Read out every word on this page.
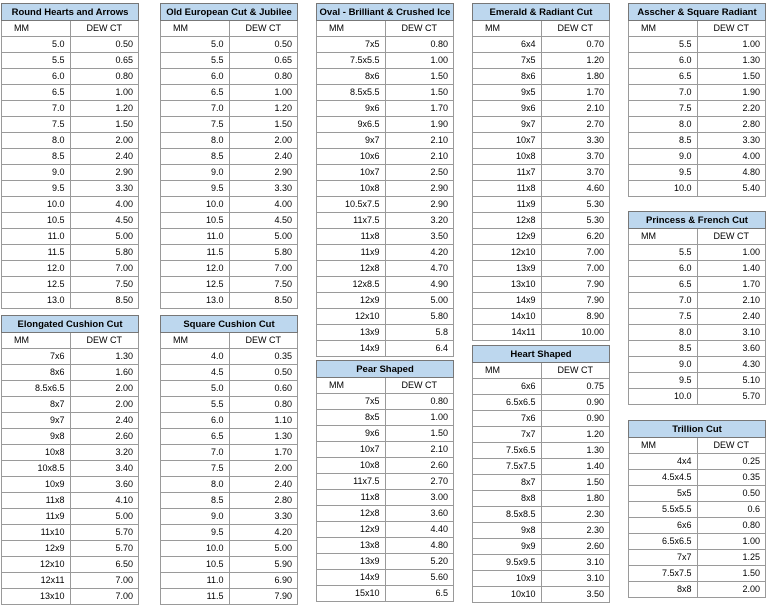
Round Hearts and Arrows	
MM	DEW CT
5.0	0.50
5.5	0.65
6.0	0.80
6.5	1.00
7.0	1.20
7.5	1.50
8.0	2.00
8.5	2.40
9.0	2.90
9.5	3.30
10.0	4.00
10.5	4.50
11.0	5.00
11.5	5.80
12.0	7.00
12.5	7.50
13.0	8.50
Old European Cut & Jubilee	
MM	DEW CT
5.0	0.50
5.5	0.65
6.0	0.80
6.5	1.00
7.0	1.20
7.5	1.50
8.0	2.00
8.5	2.40
9.0	2.90
9.5	3.30
10.0	4.00
10.5	4.50
11.0	5.00
11.5	5.80
12.0	7.00
12.5	7.50
13.0	8.50
Oval - Brilliant & Crushed Ice	
MM	DEW CT
7x5	0.80
7.5x5.5	1.00
8x6	1.50
8.5x5.5	1.50
9x6	1.70
9x6.5	1.90
9x7	2.10
10x6	2.10
10x7	2.50
10x8	2.90
10.5x7.5	2.90
11x7.5	3.20
11x8	3.50
11x9	4.20
12x8	4.70
12x8.5	4.90
12x9	5.00
12x10	5.80
13x9	5.8
14x9	6.4
Emerald & Radiant Cut	
MM	DEW CT
6x4	0.70
7x5	1.20
8x6	1.80
9x5	1.70
9x6	2.10
9x7	2.70
10x7	3.30
10x8	3.70
11x7	3.70
11x8	4.60
11x9	5.30
12x8	5.30
12x9	6.20
12x10	7.00
13x9	7.00
13x10	7.90
14x9	7.90
14x10	8.90
14x11	10.00
Asscher & Square Radiant	
MM	DEW CT
5.5	1.00
6.0	1.30
6.5	1.50
7.0	1.90
7.5	2.20
8.0	2.80
8.5	3.30
9.0	4.00
9.5	4.80
10.0	5.40
Princess & French Cut	
MM	DEW CT
5.5	1.00
6.0	1.40
6.5	1.70
7.0	2.10
7.5	2.40
8.0	3.10
8.5	3.60
9.0	4.30
9.5	5.10
10.0	5.70
Elongated Cushion Cut	
MM	DEW CT
7x6	1.30
8x6	1.60
8.5x6.5	2.00
8x7	2.00
9x7	2.40
9x8	2.60
10x8	3.20
10x8.5	3.40
10x9	3.60
11x8	4.10
11x9	5.00
11x10	5.70
12x9	5.70
12x10	6.50
12x11	7.00
13x10	7.00
Square Cushion Cut	
MM	DEW CT
4.0	0.35
4.5	0.50
5.0	0.60
5.5	0.80
6.0	1.10
6.5	1.30
7.0	1.70
7.5	2.00
8.0	2.40
8.5	2.80
9.0	3.30
9.5	4.20
10.0	5.00
10.5	5.90
11.0	6.90
11.5	7.90
Pear Shaped	
MM	DEW CT
7x5	0.80
8x5	1.00
9x6	1.50
10x7	2.10
10x8	2.60
11x7.5	2.70
11x8	3.00
12x8	3.60
12x9	4.40
13x8	4.80
13x9	5.20
14x9	5.60
15x10	6.5
Heart Shaped	
MM	DEW CT
6x6	0.75
6.5x6.5	0.90
7x6	0.90
7x7	1.20
7.5x6.5	1.30
7.5x7.5	1.40
8x7	1.50
8x8	1.80
8.5x8.5	2.30
9x8	2.30
9x9	2.60
9.5x9.5	3.10
10x9	3.10
10x10	3.50
Trillion Cut	
MM	DEW CT
4x4	0.25
4.5x4.5	0.35
5x5	0.50
5.5x5.5	0.6
6x6	0.80
6.5x6.5	1.00
7x7	1.25
7.5x7.5	1.50
8x8	2.00
